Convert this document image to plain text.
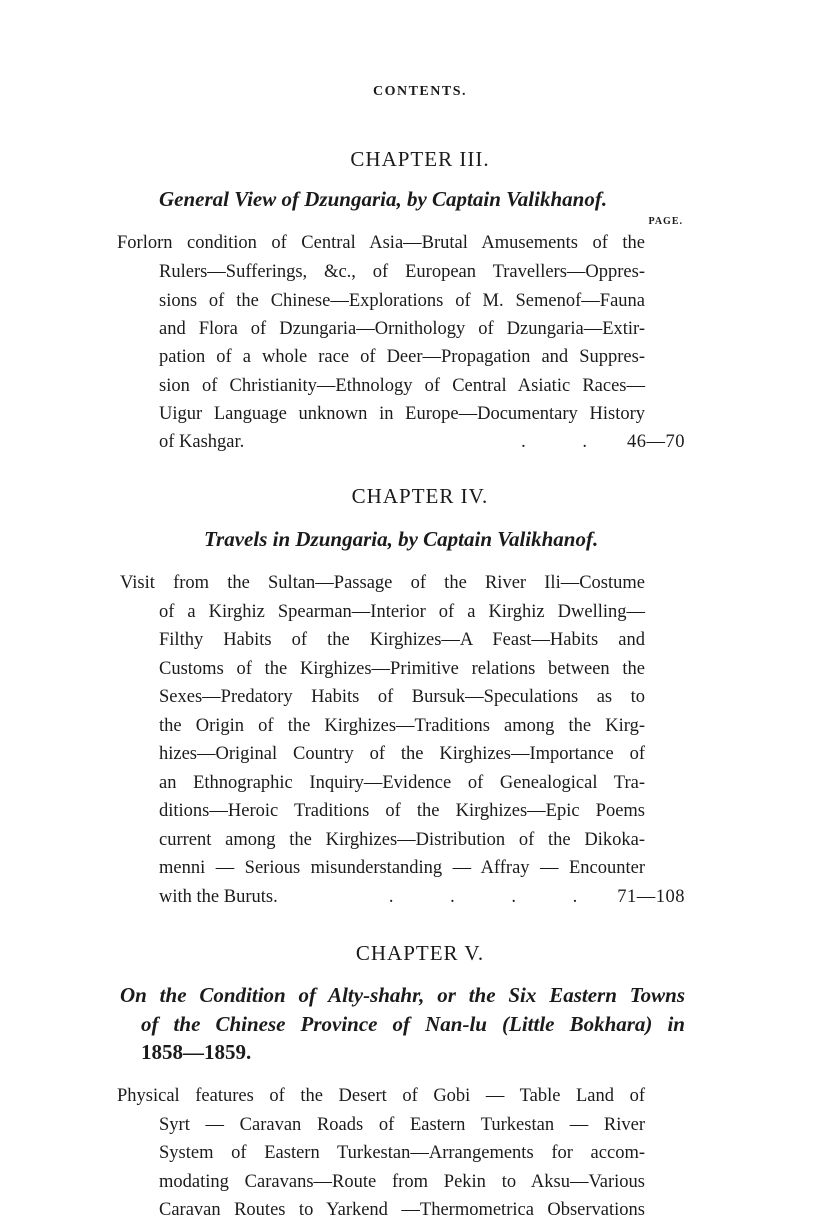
CONTENTS.
CHAPTER III.
General View of Dzungaria, by Captain Valikhanof.
PAGE.
Forlorn condition of Central Asia—Brutal Amusements of the
Rulers—Sufferings, &c., of European Travellers—Oppres-
sions of the Chinese—Explorations of M. Semenof—Fauna
and Flora of Dzungaria—Ornithology of Dzungaria—Extir-
pation of a whole race of Deer—Propagation and Suppres-
sion of Christianity—Ethnology of Central Asiatic Races—
Uigur Language unknown in Europe—Documentary History
of Kashgar.	. . 46—70
CHAPTER IV.
Travels in Dzungaria, by Captain Valikhanof.
Visit from the Sultan—Passage of the River Ili—Costume
of a Kirghiz Spearman—Interior of a Kirghiz Dwelling—
Filthy Habits of the Kirghizes—A Feast—Habits and
Customs of the Kirghizes—Primitive relations between the
Sexes—Predatory Habits of Bursuk—Speculations as to
the Origin of the Kirghizes—Traditions among the Kirg-
hizes—Original Country of the Kirghizes—Importance of
an Ethnographic Inquiry—Evidence of Genealogical Tra-
ditions—Heroic Traditions of the Kirghizes—Epic Poems
current among the Kirghizes—Distribution of the Dikoka-
menni — Serious misunderstanding — Affray — Encounter
with the Buruts.	. . . . 71—108
CHAPTER V.
On the Condition of Alty-shahr, or the Six Eastern Towns
of the Chinese Province of Nan-lu (Little Bokhara) in
1858—1859.
Physical features of the Desert of Gobi — Table Land of
Syrt — Caravan Roads of Eastern Turkestan — River
System of Eastern Turkestan—Arrangements for accom-
modating Caravans—Route from Pekin to Aksu—Various
Caravan Routes to Yarkend —Thermometrica Observations
